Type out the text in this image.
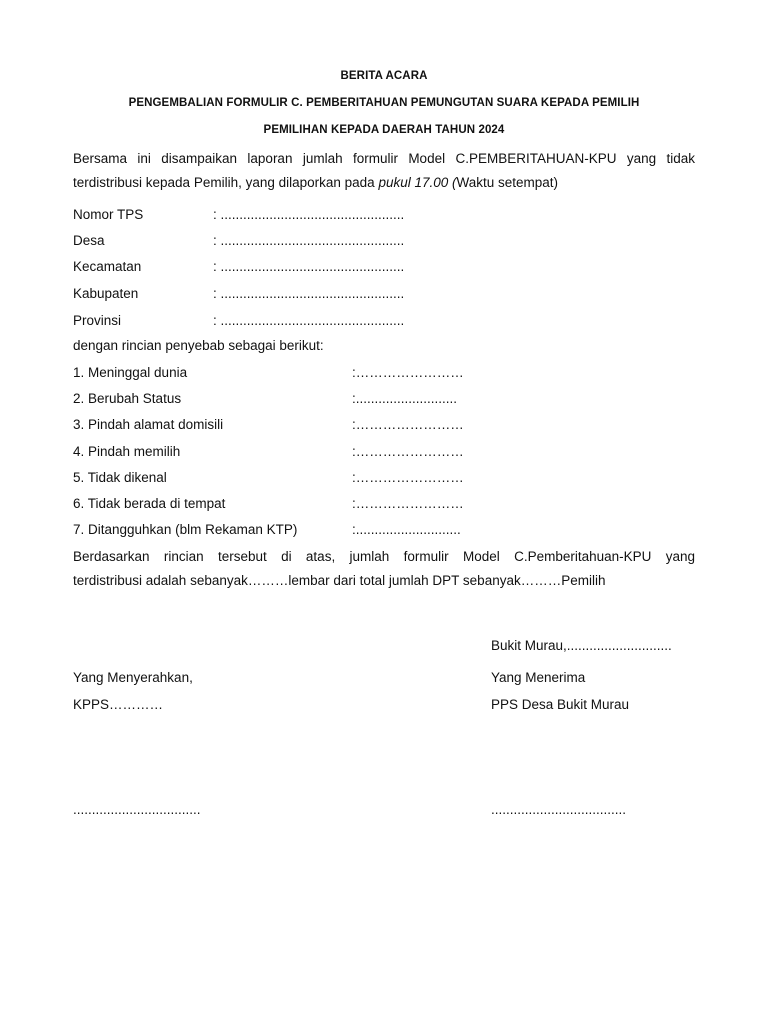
BERITA ACARA
PENGEMBALIAN FORMULIR C. PEMBERITAHUAN PEMUNGUTAN SUARA KEPADA PEMILIH
PEMILIHAN KEPADA DAERAH TAHUN 2024
Bersama ini disampaikan laporan jumlah formulir Model C.PEMBERITAHUAN-KPU yang tidak
terdistribusi kepada Pemilih, yang dilaporkan pada pukul 17.00 (Waktu setempat)
Nomor TPS	: .................................................
Desa	: .................................................
Kecamatan	: .................................................
Kabupaten	: .................................................
Provinsi	: .................................................
dengan rincian penyebab sebagai berikut:
1. Meninggal dunia	:……………………
2. Berubah Status	:...........................
3. Pindah alamat domisili	:……………………
4. Pindah memilih	:……………………
5. Tidak dikenal	:……………………
6. Tidak berada di tempat	:……………………
7. Ditangguhkan (blm Rekaman KTP)	:............................
Berdasarkan rincian tersebut di atas, jumlah formulir Model C.Pemberitahuan-KPU yang
terdistribusi adalah sebanyak………lembar dari total jumlah DPT sebanyak………Pemilih
Bukit Murau,............................
Yang Menyerahkan,	Yang Menerima
KPPS…………	PPS Desa Bukit Murau
..................................	....................................
